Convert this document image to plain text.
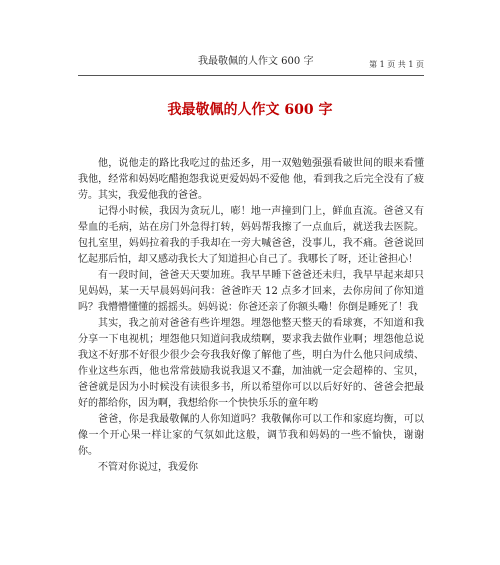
我最敬佩的人作文 600 字	第 1 页 共 1 页
我最敬佩的人作文 600 字

他，说他走的路比我吃过的盐还多，用一双勉勉强强看破世间的眼来看懂我他，经常和妈妈吃醋抱怨我说更爱妈妈不爱他 他，看到我之后完全没有了疲劳。其实，我爱他我的爸爸。

记得小时候，我因为贪玩儿，嘭！地一声撞到门上，鲜血直流。爸爸又有晕血的毛病，站在房门外急得打转，妈妈帮我擦了一点血后，就送我去医院。包扎室里，妈妈拉着我的手我却在一旁大喊爸爸，没事儿，我不痛。爸爸说回忆起那后怕，却又感动我长大了知道担心自己了。我哪长了呀，还让爸担心！

有一段时间，爸爸天天要加班。我早早睡下爸爸还未归，我早早起来却只见妈妈，某一天早晨妈妈问我：爸爸昨天 12 点多才回来，去你房间了你知道吗？我懵懵懂懂的摇摇头。妈妈说：你爸还亲了你额头嘞！你倒是睡死了！我

其实，我之前对爸爸有些许埋怨。埋怨他整天整天的看球赛，不知道和我分享一下电视机；埋怨他只知道问我成绩啊，要求我去做作业啊；埋怨他总说我这不好那不好很少很少会夸我我好像了解他了些，明白为什么他只问成绩、作业这些东西，他也常常鼓励我说我退又不蠢，加油就一定会超棒的、宝贝，爸爸就是因为小时候没有读很多书，所以希望你可以以后好好的、爸爸会把最好的都给你，因为啊，我想给你一个快快乐乐的童年哟

爸爸，你是我最敬佩的人你知道吗？我敬佩你可以工作和家庭均衡，可以像一个开心果一样让家的气氛如此这般，调节我和妈妈的一些不愉快，谢谢你。

不管对你说过，我爱你
